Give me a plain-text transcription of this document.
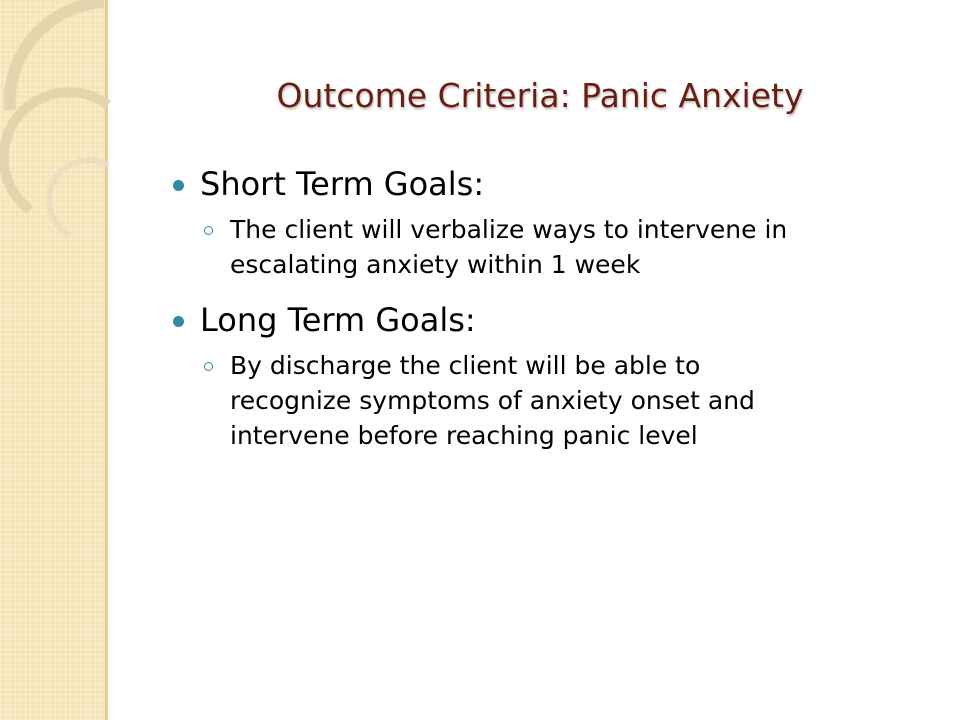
Outcome Criteria: Panic Anxiety
Short Term Goals:
The client will verbalize ways to intervene in
escalating anxiety within 1 week
Long Term Goals:
By discharge the client will be able to
recognize symptoms of anxiety onset and
intervene before reaching panic level
